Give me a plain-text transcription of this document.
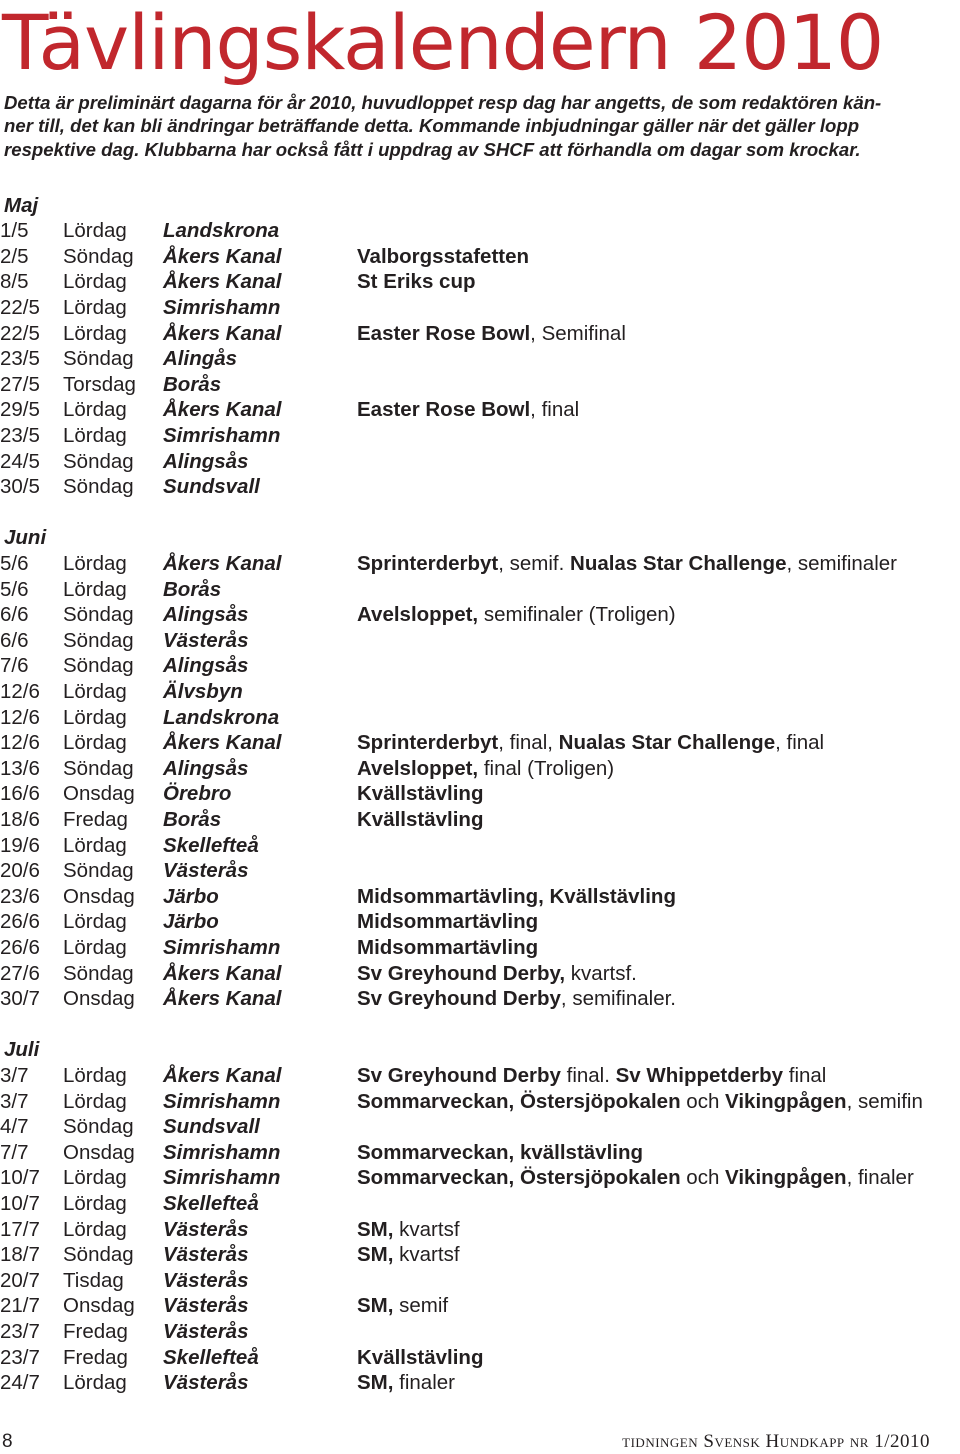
Tävlingskalendern 2010
Detta är preliminärt dagarna för år 2010, huvudloppet resp dag har angetts, de som redaktören kän-
ner till, det kan bli ändringar beträffande detta. Kommande inbjudningar gäller när det gäller lopp
respektive dag. Klubbarna har också fått i uppdrag av SHCF att förhandla om dagar som krockar.
Maj
1/5 Lördag Landskrona
2/5 Söndag Åkers Kanal	Valborgsstafetten
8/5 Lördag Åkers Kanal	St Eriks cup
22/5 Lördag Simrishamn
22/5 Lördag Åkers Kanal	Easter Rose Bowl, Semifinal
23/5 Söndag Alingås
27/5 Torsdag Borås
29/5 Lördag Åkers Kanal	Easter Rose Bowl, final
23/5 Lördag Simrishamn
24/5 Söndag Alingsås
30/5 Söndag Sundsvall
Juni
5/6 Lördag Åkers Kanal	Sprinterderbyt, semif. Nualas Star Challenge, semifinaler
5/6 Lördag Borås
6/6 Söndag Alingsås	Avelsloppet, semifinaler (Troligen)
6/6 Söndag Västerås
7/6 Söndag Alingsås
12/6 Lördag Älvsbyn
12/6 Lördag Landskrona
12/6 Lördag Åkers Kanal	Sprinterderbyt, final, Nualas Star Challenge, final
13/6 Söndag Alingsås	Avelsloppet, final (Troligen)
16/6 Onsdag Örebro	Kvällstävling
18/6 Fredag Borås	Kvällstävling
19/6 Lördag Skellefteå
20/6 Söndag Västerås
23/6 Onsdag Järbo	Midsommartävling, Kvällstävling
26/6 Lördag Järbo	Midsommartävling
26/6 Lördag Simrishamn	Midsommartävling
27/6 Söndag Åkers Kanal	Sv Greyhound Derby, kvartsf.
30/7 Onsdag Åkers Kanal	Sv Greyhound Derby, semifinaler.
Juli
3/7 Lördag Åkers Kanal	Sv Greyhound Derby final. Sv Whippetderby final
3/7 Lördag Simrishamn	Sommarveckan, Östersjöpokalen och Vikingpågen, semifin
4/7 Söndag Sundsvall
7/7 Onsdag Simrishamn	Sommarveckan, kvällstävling
10/7 Lördag Simrishamn	Sommarveckan, Östersjöpokalen och Vikingpågen, finaler
10/7 Lördag Skellefteå
17/7 Lördag Västerås	SM, kvartsf
18/7 Söndag Västerås	SM, kvartsf
20/7 Tisdag Västerås
21/7 Onsdag Västerås	SM, semif
23/7 Fredag Västerås
23/7 Fredag Skellefteå	Kvällstävling
24/7 Lördag Västerås	SM, finaler
8	tidningen Svensk Hundkapp nr 1/2010
